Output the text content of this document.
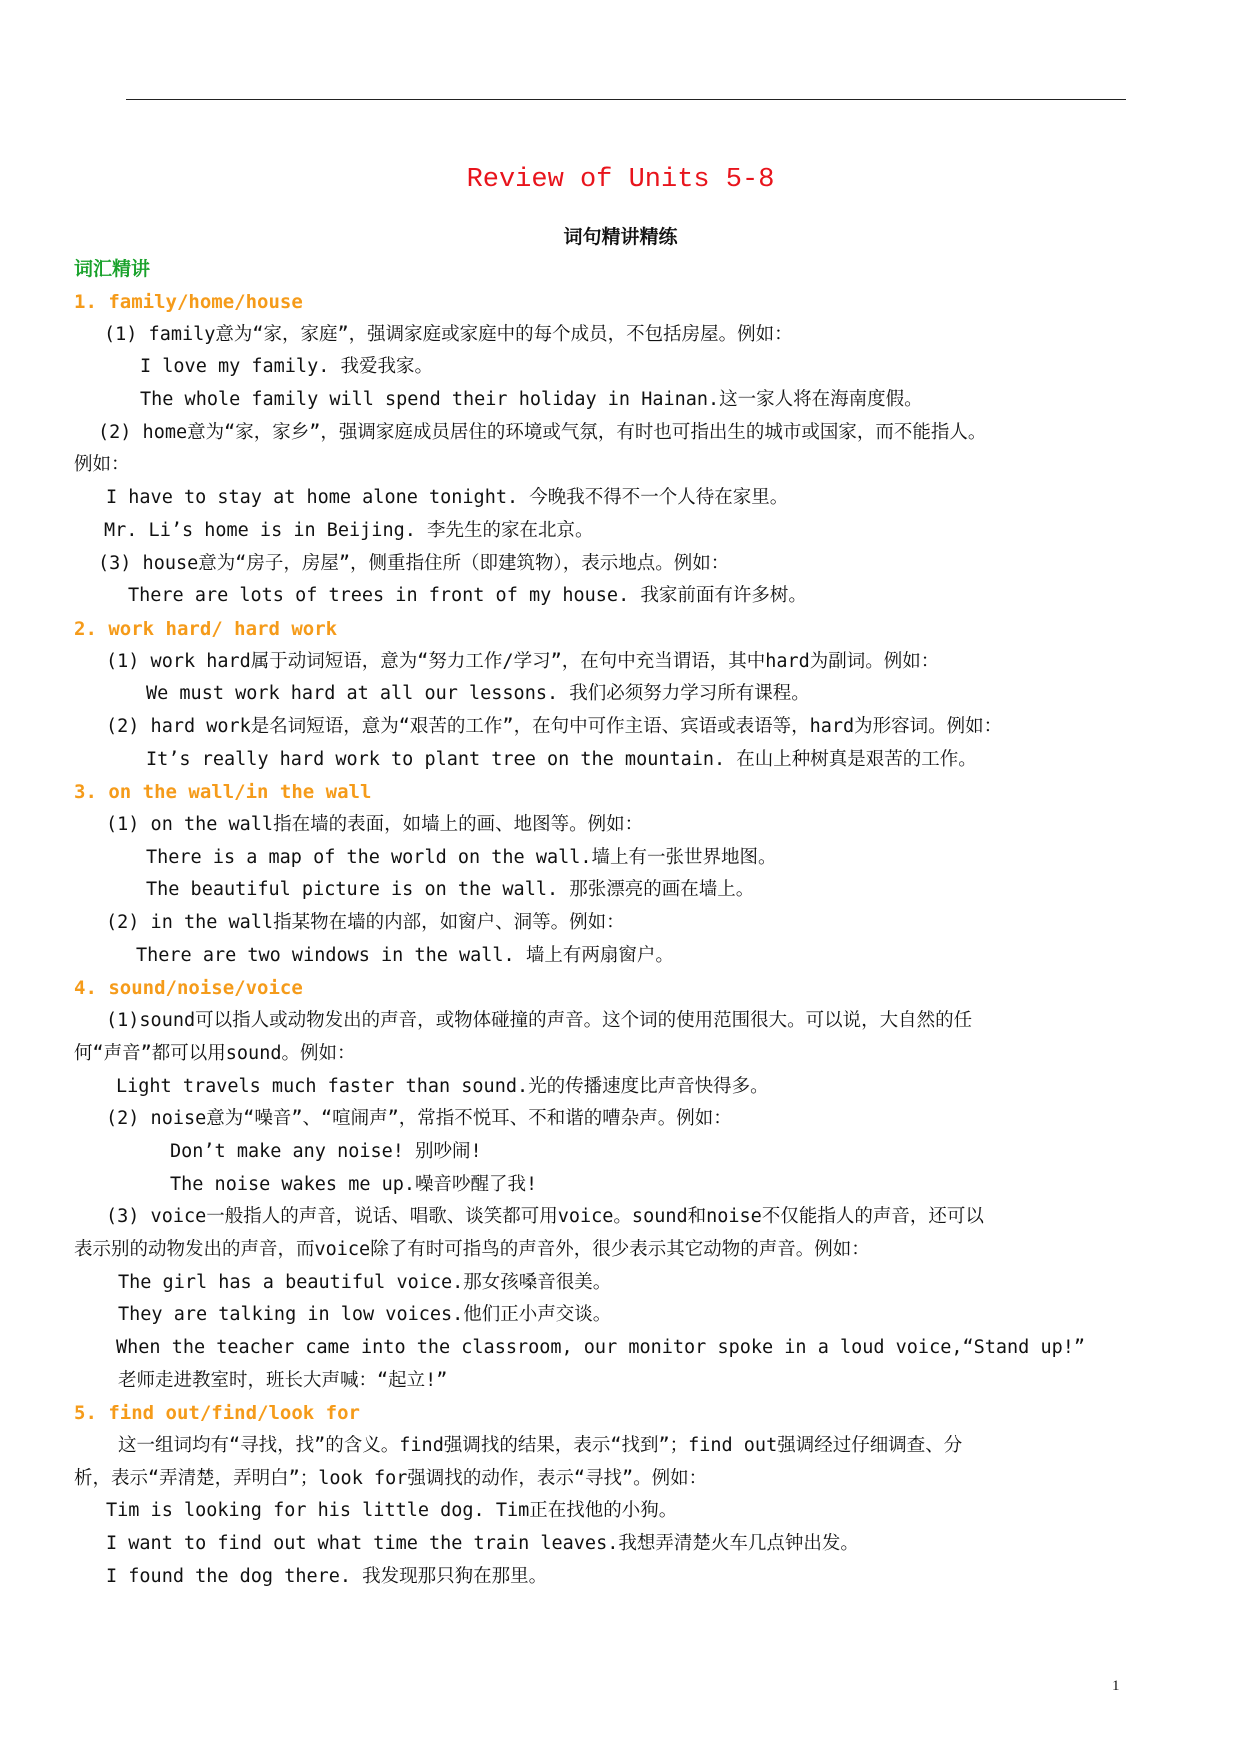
Review of Units 5-8
词句精讲精练
词汇精讲
1. family/home/house
(1) family意为“家，家庭”，强调家庭或家庭中的每个成员，不包括房屋。例如：
I love my family. 我爱我家。
The whole family will spend their holiday in Hainan.这一家人将在海南度假。
(2) home意为“家，家乡”，强调家庭成员居住的环境或气氛，有时也可指出生的城市或国家，而不能指人。
例如：
I have to stay at home alone tonight. 今晚我不得不一个人待在家里。
Mr. Li’s home is in Beijing. 李先生的家在北京。
(3) house意为“房子，房屋”，侧重指住所（即建筑物），表示地点。例如：
There are lots of trees in front of my house. 我家前面有许多树。
2. work hard/ hard work
(1) work hard属于动词短语，意为“努力工作/学习”，在句中充当谓语，其中hard为副词。例如：
We must work hard at all our lessons. 我们必须努力学习所有课程。
(2) hard work是名词短语，意为“艰苦的工作”，在句中可作主语、宾语或表语等，hard为形容词。例如：
It’s really hard work to plant tree on the mountain. 在山上种树真是艰苦的工作。
3. on the wall/in the wall
(1) on the wall指在墙的表面，如墙上的画、地图等。例如：
There is a map of the world on the wall.墙上有一张世界地图。
The beautiful picture is on the wall. 那张漂亮的画在墙上。
(2) in the wall指某物在墙的内部，如窗户、洞等。例如：
There are two windows in the wall. 墙上有两扇窗户。
4. sound/noise/voice
(1)sound可以指人或动物发出的声音，或物体碰撞的声音。这个词的使用范围很大。可以说，大自然的任
何“声音”都可以用sound。例如：
Light travels much faster than sound.光的传播速度比声音快得多。
(2) noise意为“噪音”、“喧闹声”，常指不悦耳、不和谐的嘈杂声。例如：
Don’t make any noise! 别吵闹!
The noise wakes me up.噪音吵醒了我!
(3) voice一般指人的声音，说话、唱歌、谈笑都可用voice。sound和noise不仅能指人的声音，还可以
表示别的动物发出的声音，而voice除了有时可指鸟的声音外，很少表示其它动物的声音。例如：
The girl has a beautiful voice.那女孩嗓音很美。
They are talking in low voices.他们正小声交谈。
When the teacher came into the classroom, our monitor spoke in a loud voice,“Stand up!”
老师走进教室时，班长大声喊：“起立!”
5. find out/find/look for
这一组词均有“寻找，找”的含义。find强调找的结果，表示“找到”；find out强调经过仔细调查、分
析，表示“弄清楚，弄明白”；look for强调找的动作，表示“寻找”。例如：
Tim is looking for his little dog. Tim正在找他的小狗。
I want to find out what time the train leaves.我想弄清楚火车几点钟出发。
I found the dog there. 我发现那只狗在那里。
1
